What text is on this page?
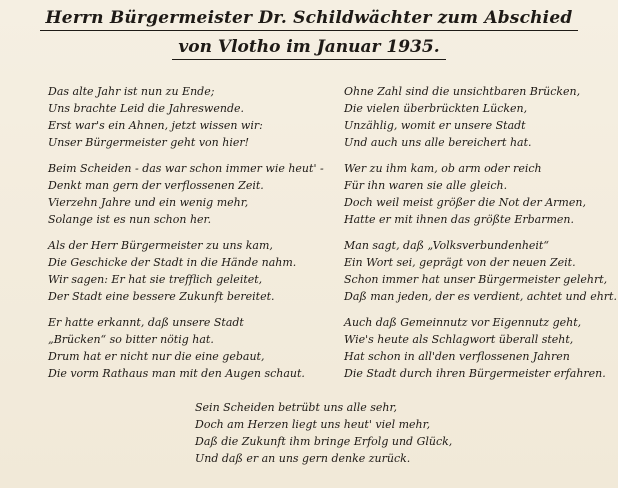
Herrn Bürgermeister Dr. Schildwächter zum Abschied
von Vlotho im Januar 1935.
Das alte Jahr ist nun zu Ende;
Uns brachte Leid die Jahreswende.
Erst war's ein Ahnen, jetzt wissen wir:
Unser Bürgermeister geht von hier!
Beim Scheiden - das war schon immer wie heut' -
Denkt man gern der verflossenen Zeit.
Vierzehn Jahre und ein wenig mehr,
Solange ist es nun schon her.
Als der Herr Bürgermeister zu uns kam,
Die Geschicke der Stadt in die Hände nahm.
Wir sagen: Er hat sie trefflich geleitet,
Der Stadt eine bessere Zukunft bereitet.
Er hatte erkannt, daß unsere Stadt
„Brücken“ so bitter nötig hat.
Drum hat er nicht nur die eine gebaut,
Die vorm Rathaus man mit den Augen schaut.
Ohne Zahl sind die unsichtbaren Brücken,
Die vielen überbrückten Lücken,
Unzählig, womit er unsere Stadt
Und auch uns alle bereichert hat.
Wer zu ihm kam, ob arm oder reich
Für ihn waren sie alle gleich.
Doch weil meist größer die Not der Armen,
Hatte er mit ihnen das größte Erbarmen.
Man sagt, daß „Volksverbundenheit“
Ein Wort sei, geprägt von der neuen Zeit.
Schon immer hat unser Bürgermeister gelehrt,
Daß man jeden, der es verdient, achtet und ehrt.
Auch daß Gemeinnutz vor Eigennutz geht,
Wie's heute als Schlagwort überall steht,
Hat schon in all'den verflossenen Jahren
Die Stadt durch ihren Bürgermeister erfahren.
Sein Scheiden betrübt uns alle sehr,
Doch am Herzen liegt uns heut' viel mehr,
Daß die Zukunft ihm bringe Erfolg und Glück,
Und daß er an uns gern denke zurück.
